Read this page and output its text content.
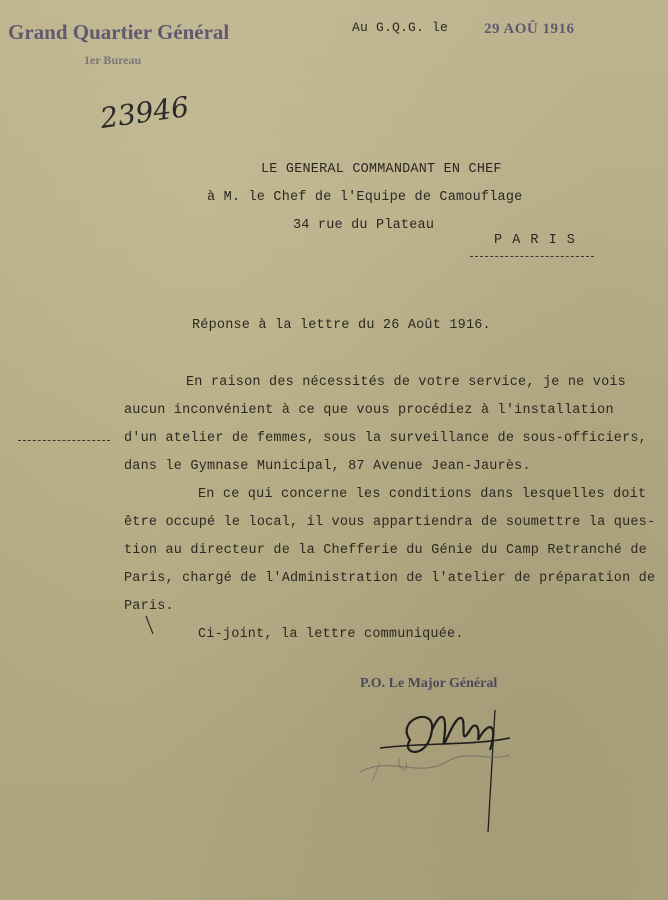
Grand Quartier Général
1er Bureau
Au G.Q.G. le 29 AOÛ 1916
23946
LE GENERAL COMMANDANT EN CHEF
à M. le Chef de l'Equipe de Camouflage
34 rue du Plateau
P A R I S
Réponse à la lettre du 26 Août 1916.
En raison des nécessités de votre service, je ne vois
aucun inconvénient à ce que vous procédiez à l'installation
d'un atelier de femmes, sous la surveillance de sous-officiers,
dans le Gymnase Municipal, 87 Avenue Jean-Jaurès.
En ce qui concerne les conditions dans lesquelles doit
être occupé le local, il vous appartiendra de soumettre la ques-
tion au directeur de la Chefferie du Génie du Camp Retranché de
Paris, chargé de l'Administration de l'atelier de préparation de
Paris.
Ci-joint, la lettre communiquée.
P.O. Le Major Général
